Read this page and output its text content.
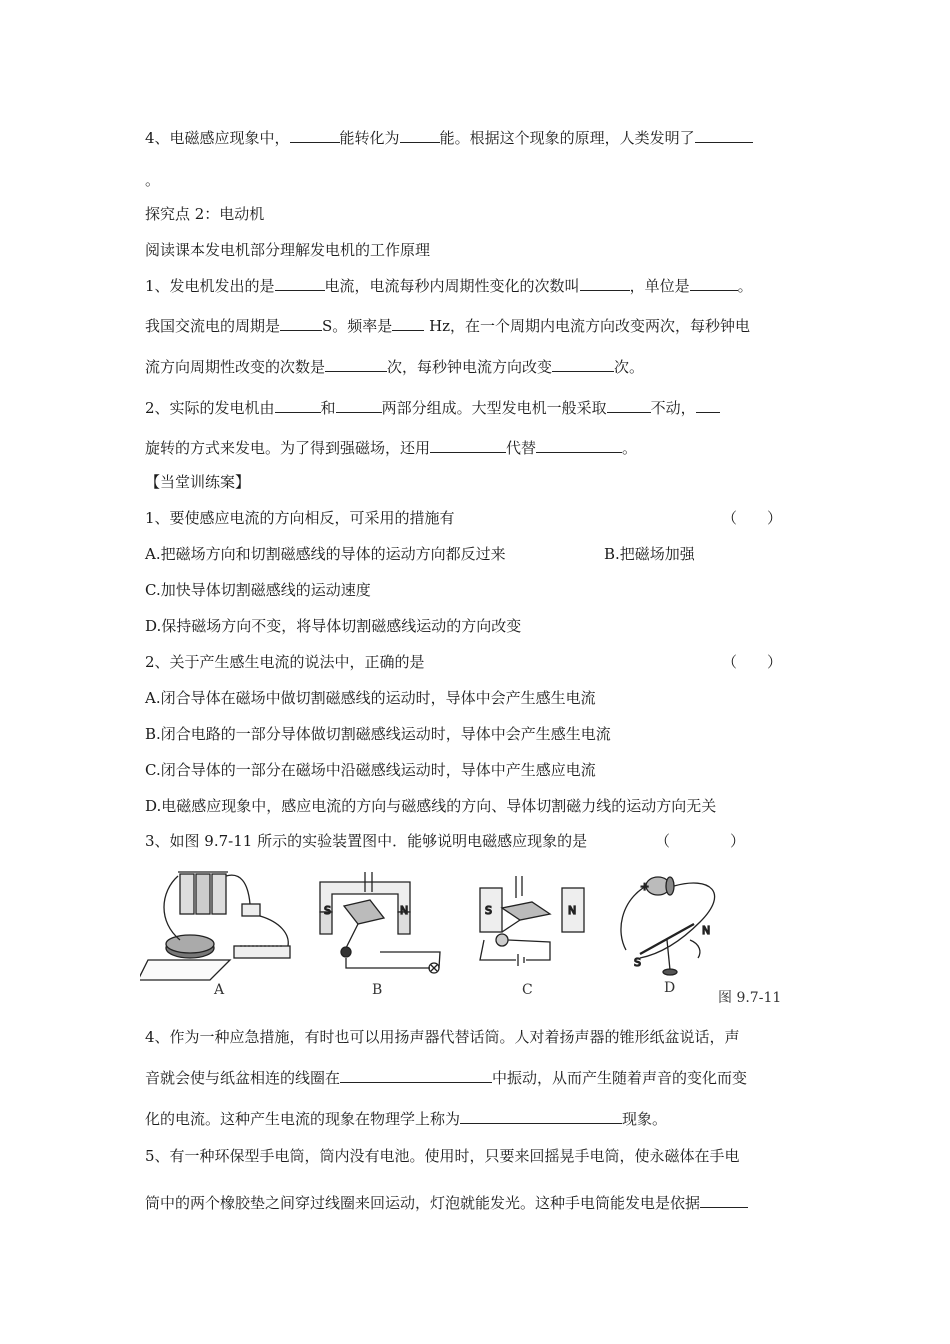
4、电磁感应现象中，	能转化为	能。根据这个现象的原理，人类发明了
。
探究点 2：电动机
阅读课本发电机部分理解发电机的工作原理
1、发电机发出的是	电流，电流每秒内周期性变化的次数叫	，单位是	。
我国交流电的周期是	S。频率是 Hz，在一个周期内电流方向改变两次，每秒钟电
流方向周期性改变的次数是	次，每秒钟电流方向改变	次。
2、实际的发电机由	和	两部分组成。大型发电机一般采取	不动，
旋转的方式来发电。为了得到强磁场，还用	代替	。
【当堂训练案】
1、要使感应电流的方向相反，可采用的措施有	（　　）
A.把磁场方向和切割磁感线的导体的运动方向都反过来	B.把磁场加强
C.加快导体切割磁感线的运动速度
D.保持磁场方向不变，将导体切割磁感线运动的方向改变
2、关于产生感生电流的说法中，正确的是	（　　）
A.闭合导体在磁场中做切割磁感线的运动时，导体中会产生感生电流
B.闭合电路的一部分导体做切割磁感线运动时，导体中会产生感生电流
C.闭合导体的一部分在磁场中沿磁感线运动时，导体中产生感应电流
D.电磁感应现象中，感应电流的方向与磁感线的方向、导体切割磁力线的运动方向无关
3、如图 9.7-11 所示的实验装置图中．能够说明电磁感应现象的是	（　　　　）
S	N	S	N
+
S
N
A	B	C	D
图 9.7-11
4、作为一种应急措施，有时也可以用扬声器代替话筒。人对着扬声器的锥形纸盆说话，声
音就会使与纸盆相连的线圈在	中振动，从而产生随着声音的变化而变
化的电流。这种产生电流的现象在物理学上称为	现象。
5、有一种环保型手电筒，筒内没有电池。使用时，只要来回摇晃手电筒，使永磁体在手电
筒中的两个橡胶垫之间穿过线圈来回运动，灯泡就能发光。这种手电筒能发电是依据
